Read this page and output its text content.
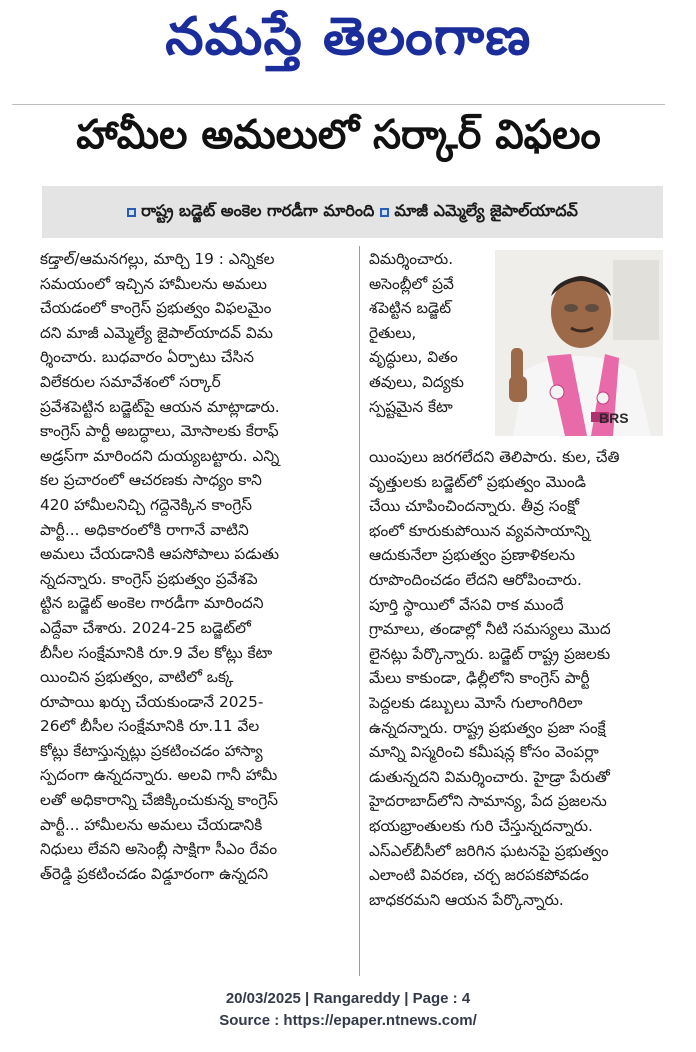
నమస్తే తెలంగాణ
హామీల అమలులో సర్కార్ విఫలం
రాష్ట్ర బడ్జెట్ అంకెల గారడీగా మారింది మాజీ ఎమ్మెల్యే జైపాల్‌యాదవ్
కడ్తాల్/ఆమనగల్లు, మార్చి 19 : ఎన్నికల
సమయంలో ఇచ్చిన హామీలను అమలు
చేయడంలో కాంగ్రెస్ ప్రభుత్వం విఫలమైం
దని మాజీ ఎమ్మెల్యే జైపాల్‌యాదవ్ విమ
ర్శించారు. బుధవారం ఏర్పాటు చేసిన
విలేకరుల సమావేశంలో సర్కార్
ప్రవేశపెట్టిన బడ్జెట్‌పై ఆయన మాట్లాడారు.
కాంగ్రెస్ పార్టీ అబద్ధాలు, మోసాలకు కేరాఫ్
అడ్రస్‌గా మారిందని దుయ్యబట్టారు. ఎన్ని
కల ప్రచారంలో ఆచరణకు సాధ్యం కాని
420 హామీలనిచ్చి గద్దెనెక్కిన కాంగ్రెస్
పార్టీ... అధికారంలోకి రాగానే వాటిని
అమలు చేయడానికి ఆపసోపాలు పడుతు
న్నదన్నారు. కాంగ్రెస్ ప్రభుత్వం ప్రవేశపె
ట్టిన బడ్జెట్ అంకెల గారడీగా మారిందని
ఎద్దేవా చేశారు. 2024-25 బడ్జెట్‌లో
బీసీల సంక్షేమానికి రూ.9 వేల కోట్లు కేటా
యించిన ప్రభుత్వం, వాటిలో ఒక్క
రూపాయి ఖర్చు చేయకుండానే 2025-
26లో బీసీల సంక్షేమానికి రూ.11 వేల
కోట్లు కేటాస్తున్నట్లు ప్రకటించడం హాస్యా
స్పదంగా ఉన్నదన్నారు. అలవి గానీ హామీ
లతో అధికారాన్ని చేజిక్కించుకున్న కాంగ్రెస్
పార్టీ... హామీలను అమలు చేయడానికి
నిధులు లేవని అసెంబ్లీ సాక్షిగా సీఎం రేవం
త్‌రెడ్డి ప్రకటించడం విడ్డూరంగా ఉన్నదని
విమర్శించారు.
అసెంబ్లీలో ప్రవే
శపెట్టిన బడ్జెట్
రైతులు,
వృద్ధులు, వితం
తవులు, విద్యకు
స్పష్టమైన కేటా
యింపులు జరగలేదని తెలిపారు. కుల, చేతి
వృత్తులకు బడ్జెట్‌లో ప్రభుత్వం మొండి
చేయి చూపించిందన్నారు. తీవ్ర సంక్షో
భంలో కూరుకుపోయిన వ్యవసాయాన్ని
ఆదుకునేలా ప్రభుత్వం ప్రణాళికలను
రూపొందించడం లేదని ఆరోపించారు.
పూర్తి స్థాయిలో వేసవి రాక ముందే
గ్రామాలు, తండాల్లో నీటి సమస్యలు మొద
లైనట్లు పేర్కొన్నారు. బడ్జెట్ రాష్ట్ర ప్రజలకు
మేలు కాకుండా, ఢిల్లీలోని కాంగ్రెస్ పార్టీ
పెద్దలకు డబ్బులు మోసే గులాంగిరిలా
ఉన్నదన్నారు. రాష్ట్ర ప్రభుత్వం ప్రజా సంక్షే
మాన్ని విస్మరించి కమీషన్ల కోసం వెంపర్లా
డుతున్నదని విమర్శించారు. హైడ్రా పేరుతో
హైదరాబాద్‌లోని సామాన్య, పేద ప్రజలను
భయభ్రాంతులకు గురి చేస్తున్నదన్నారు.
ఎస్‌ఎల్‌బీసీలో జరిగిన ఘటనపై ప్రభుత్వం
ఎలాంటి వివరణ, చర్చ జరపకపోవడం
బాధకరమని ఆయన పేర్కొన్నారు.
BRS
20/03/2025 | Rangareddy | Page : 4
Source : https://epaper.ntnews.com/
